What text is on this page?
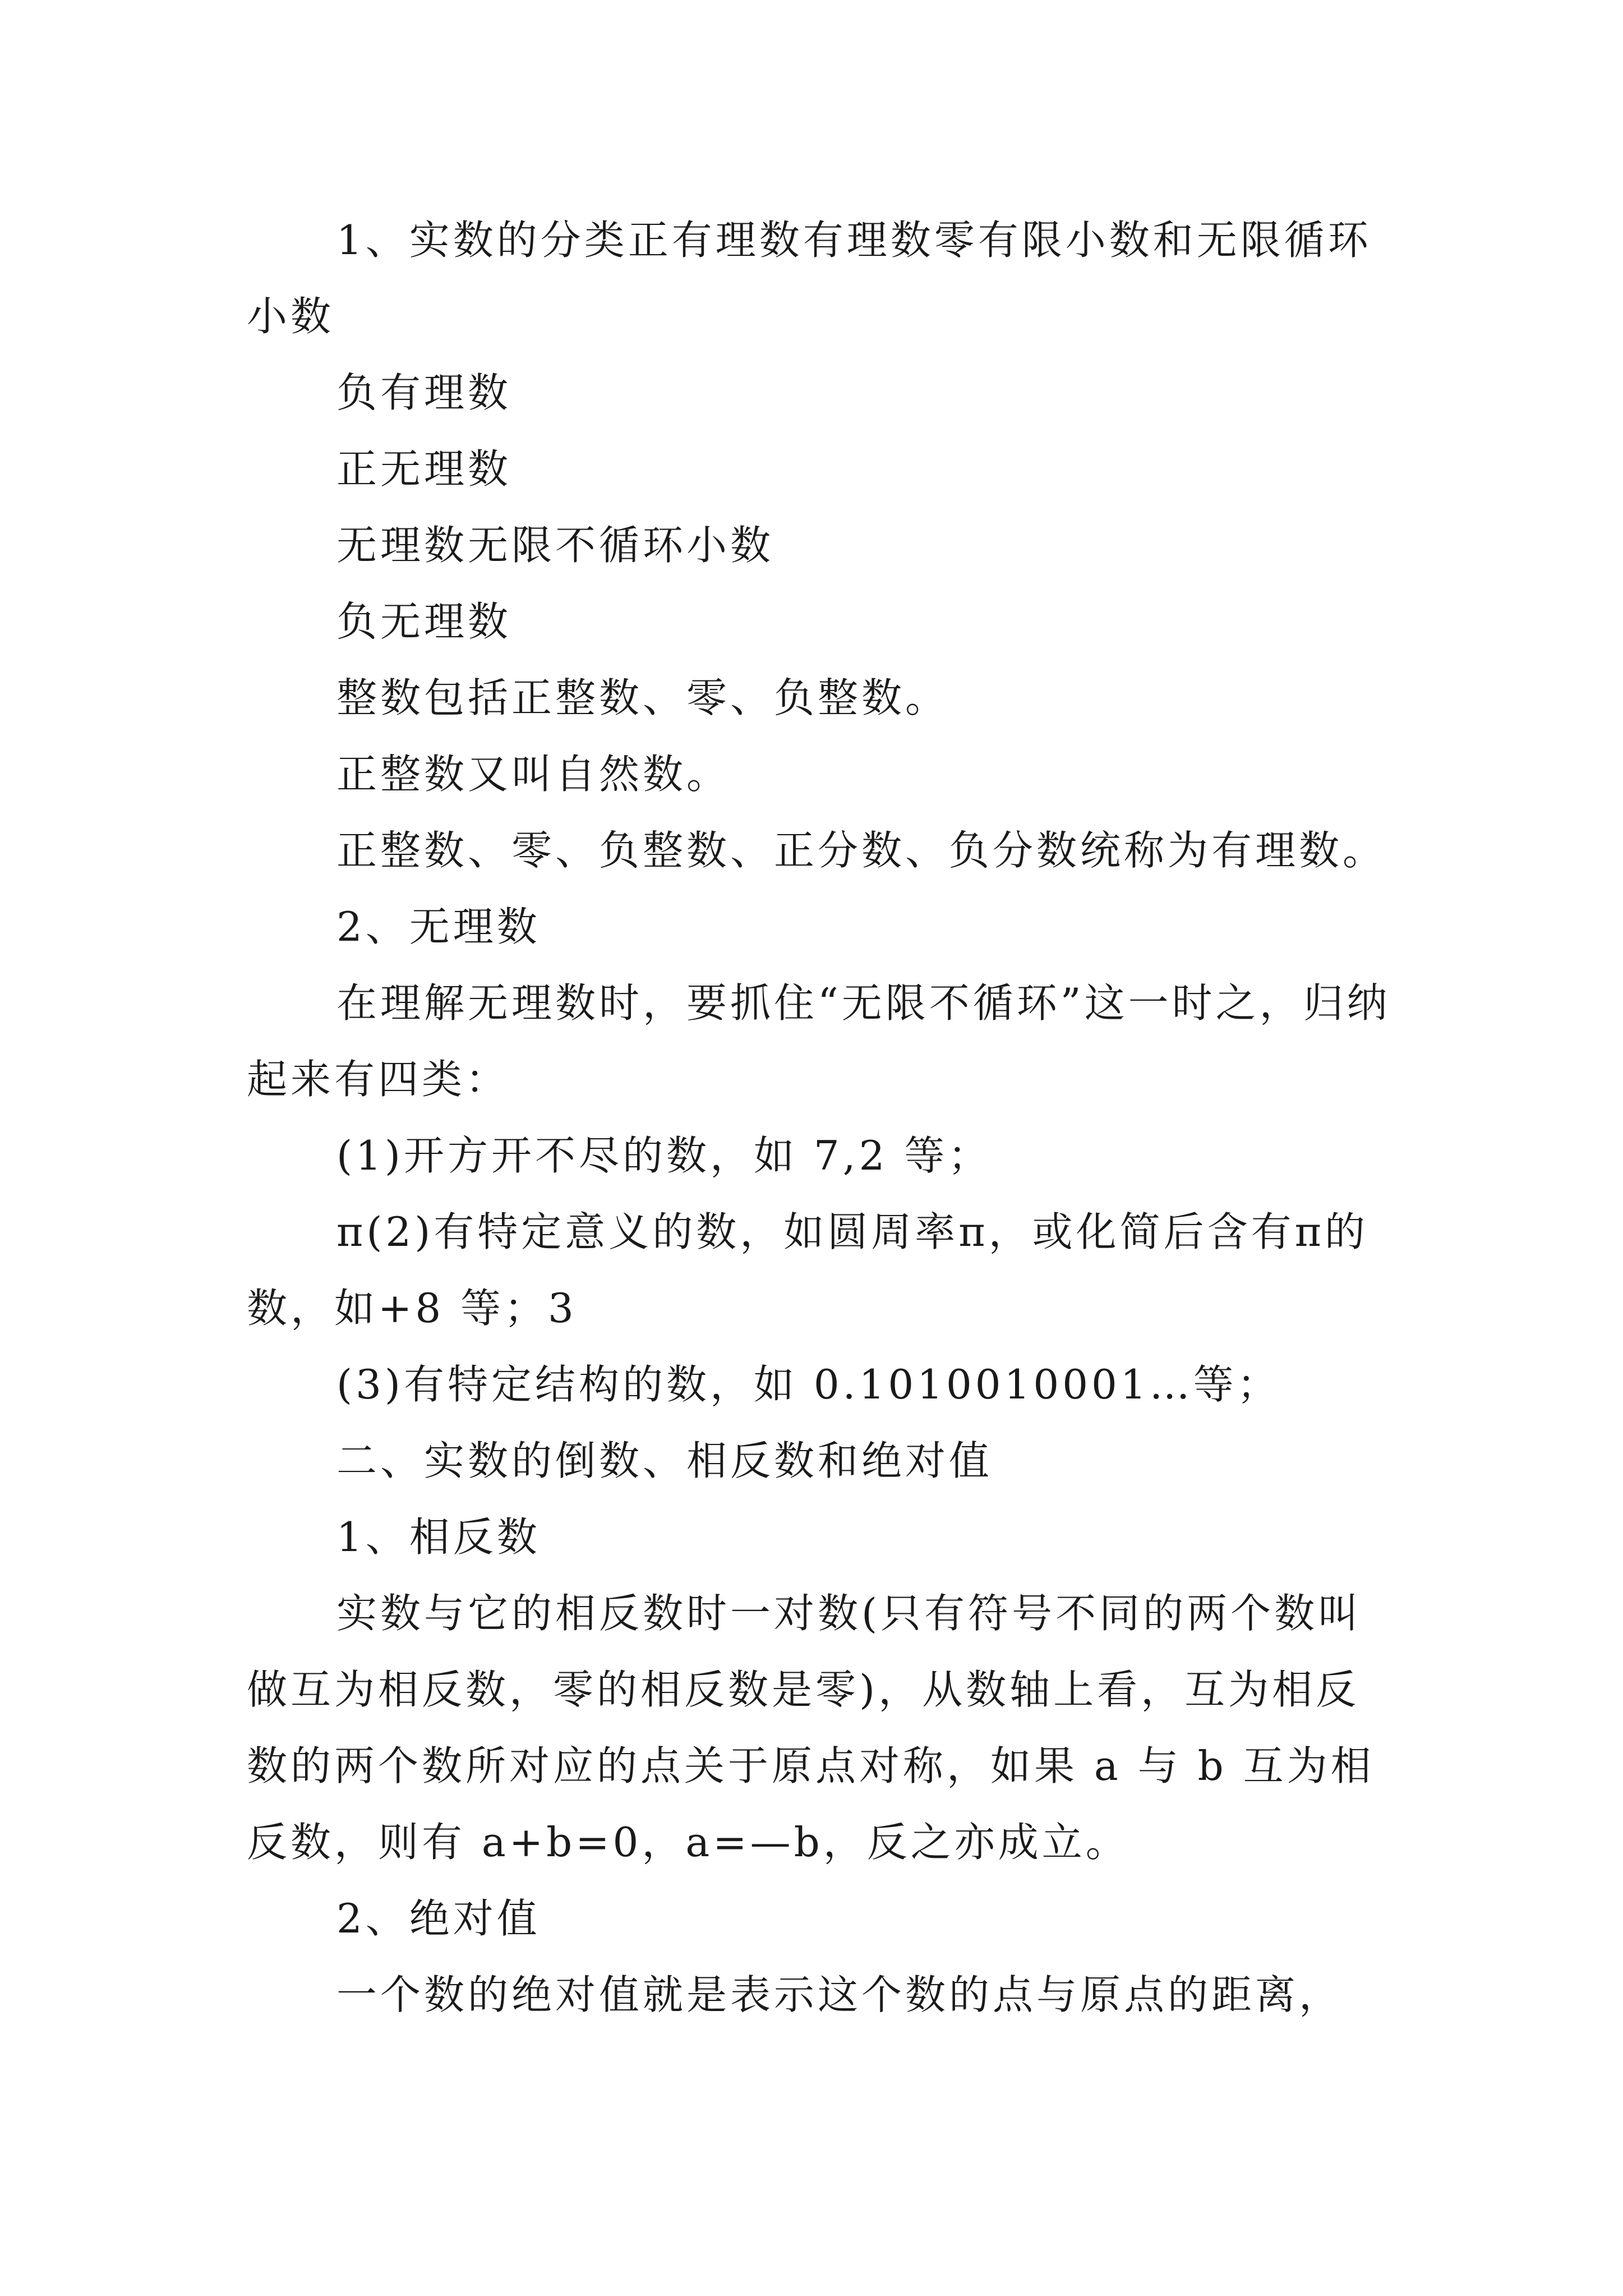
1、实数的分类正有理数有理数零有限小数和无限循环小数

负有理数

正无理数

无理数无限不循环小数

负无理数

整数包括正整数、零、负整数。

正整数又叫自然数。

正整数、零、负整数、正分数、负分数统称为有理数。

2、无理数

在理解无理数时，要抓住“无限不循环”这一时之，归纳起来有四类：

(1)开方开不尽的数，如 7,2 等；

π(2)有特定意义的数，如圆周率π，或化简后含有π的数，如+8 等；3

(3)有特定结构的数，如 0.1010010001…等；

二、实数的倒数、相反数和绝对值

1、相反数

实数与它的相反数时一对数(只有符号不同的两个数叫做互为相反数，零的相反数是零)，从数轴上看，互为相反数的两个数所对应的点关于原点对称，如果 a 与 b 互为相反数，则有 a+b=0，a=—b，反之亦成立。

2、绝对值

一个数的绝对值就是表示这个数的点与原点的距离，
